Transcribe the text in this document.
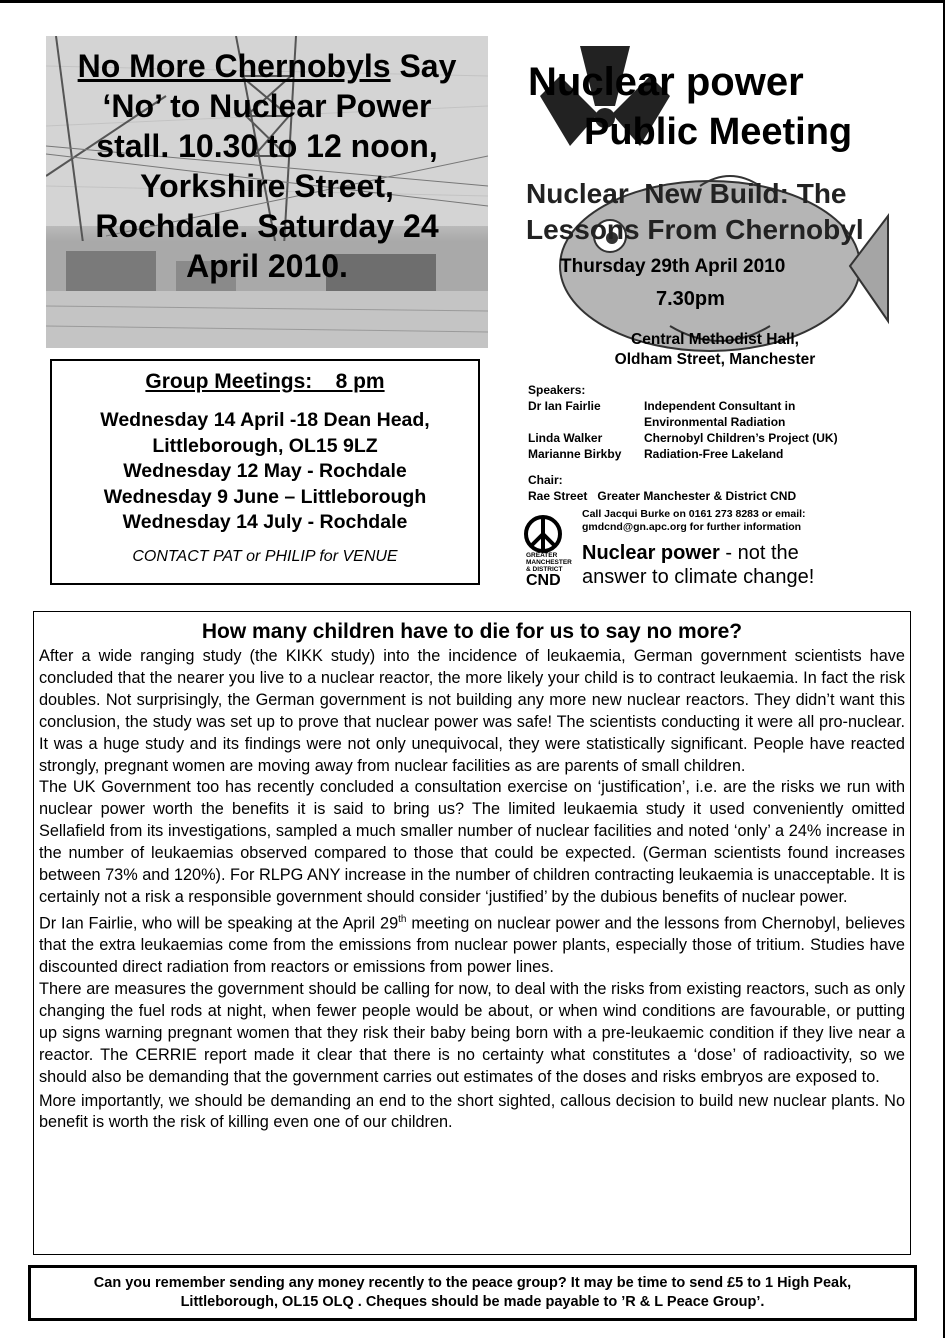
No More Chernobyls Say
‘No’ to Nuclear Power
stall. 10.30 to 12 noon,
Yorkshire Street,
Rochdale. Saturday 24
April 2010.
Group Meetings:    8 pm
Wednesday 14 April -18 Dean Head,
Littleborough, OL15 9LZ
Wednesday 12 May - Rochdale
Wednesday 9 June – Littleborough
Wednesday 14 July - Rochdale
CONTACT PAT or PHILIP for VENUE
Nuclear power
Public Meeting
Nuclear  New Build: The
Lessons From Chernobyl
Thursday 29th April 2010
7.30pm
Central Methodist Hall,
Oldham Street, Manchester
Speakers:
Dr Ian Fairlie	Independent Consultant in
Environmental Radiation
Linda Walker	Chernobyl Children’s Project (UK)
Marianne Birkby Radiation-Free Lakeland
Chair:
Rae Street Greater Manchester & District CND
Call Jacqui Burke on 0161 273 8283 or email:
gmdcnd@gn.apc.org for further information
GREATER MANCHESTER & DISTRICT
CND
Nuclear power - not the
answer to climate change!
How many children have to die for us to say no more?

After a wide ranging study (the KIKK study) into the incidence of leukaemia, German government scientists have concluded that the nearer you live to a nuclear reactor, the more likely your child is to contract leukaemia. In fact the risk doubles. Not surprisingly, the German government is not building any more new nuclear reactors. They didn’t want this conclusion, the study was set up to prove that nuclear power was safe! The scientists conducting it were all pro-nuclear. It was a huge study and its findings were not only unequivocal, they were statistically significant. People have reacted strongly, pregnant women are moving away from nuclear facilities as are parents of small children.

The UK Government too has recently concluded a consultation exercise on ‘justification’, i.e. are the risks we run with nuclear power worth the benefits it is said to bring us? The limited leukaemia study it used conveniently omitted Sellafield from its investigations, sampled a much smaller number of nuclear facilities and noted ‘only’ a 24% increase in the number of leukaemias observed compared to those that could be expected. (German scientists found increases between 73% and 120%). For RLPG ANY increase in the number of children contracting leukaemia is unacceptable. It is certainly not a risk a responsible government should consider ‘justified’ by the dubious benefits of nuclear power.

Dr Ian Fairlie, who will be speaking at the April 29th meeting on nuclear power and the lessons from Chernobyl, believes that the extra leukaemias come from the emissions from nuclear power plants, especially those of tritium. Studies have discounted direct radiation from reactors or emissions from power lines.

There are measures the government should be calling for now, to deal with the risks from existing reactors, such as only changing the fuel rods at night, when fewer people would be about, or when wind conditions are favourable, or putting up signs warning pregnant women that they risk their baby being born with a pre-leukaemic condition if they live near a reactor. The CERRIE report made it clear that there is no certainty what constitutes a ‘dose’ of radioactivity, so we should also be demanding that the government carries out estimates of the doses and risks embryos are exposed to.

More importantly, we should be demanding an end to the short sighted, callous decision to build new nuclear plants. No benefit is worth the risk of killing even one of our children.

Can you remember sending any money recently to the peace group? It may be time to send £5 to 1 High Peak,
Littleborough, OL15 OLQ . Cheques should be made payable to ’R & L Peace Group’.
